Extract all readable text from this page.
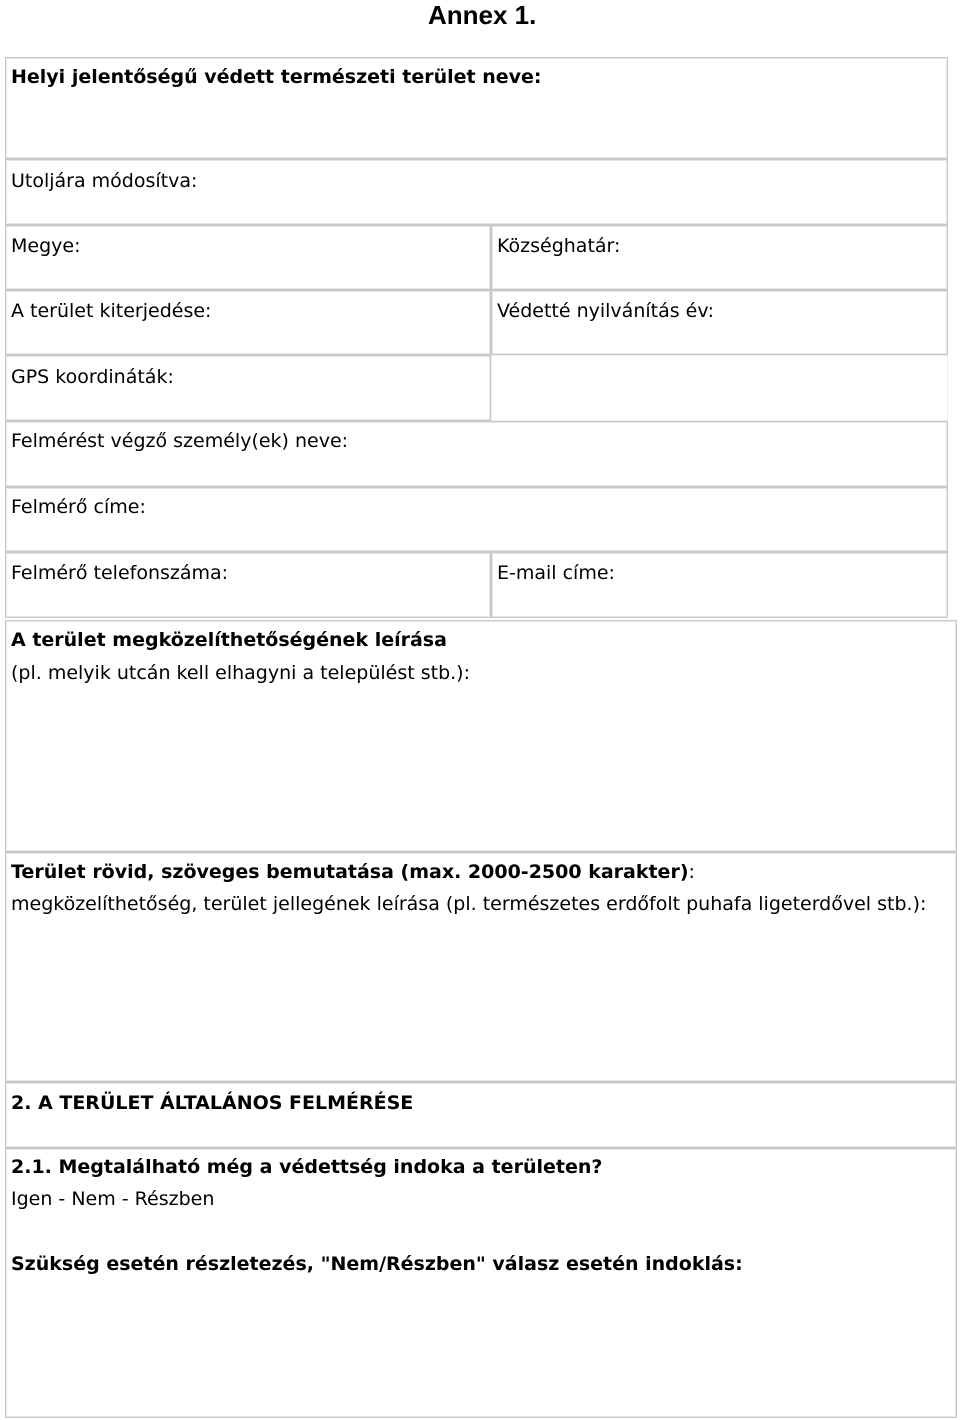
Annex 1.
Helyi jelentőségű védett természeti terület neve:
Utoljára módosítva:
Megye:	Községhatár:
A terület kiterjedése:	Védetté nyilvánítás év:
GPS koordináták:
Felmérést végző személy(ek) neve:
Felmérő címe:
Felmérő telefonszáma:	E-mail címe:
A terület megközelíthetőségének leírása
(pl. melyik utcán kell elhagyni a települést stb.):
Terület rövid, szöveges bemutatása (max. 2000-2500 karakter):
megközelíthetőség, terület jellegének leírása (pl. természetes erdőfolt puhafa ligeterdővel stb.):
2. A TERÜLET ÁLTALÁNOS FELMÉRÉSE
2.1. Megtalálható még a védettség indoka a területen?
Igen - Nem - Részben
Szükség esetén részletezés, "Nem/Részben" válasz esetén indoklás:
